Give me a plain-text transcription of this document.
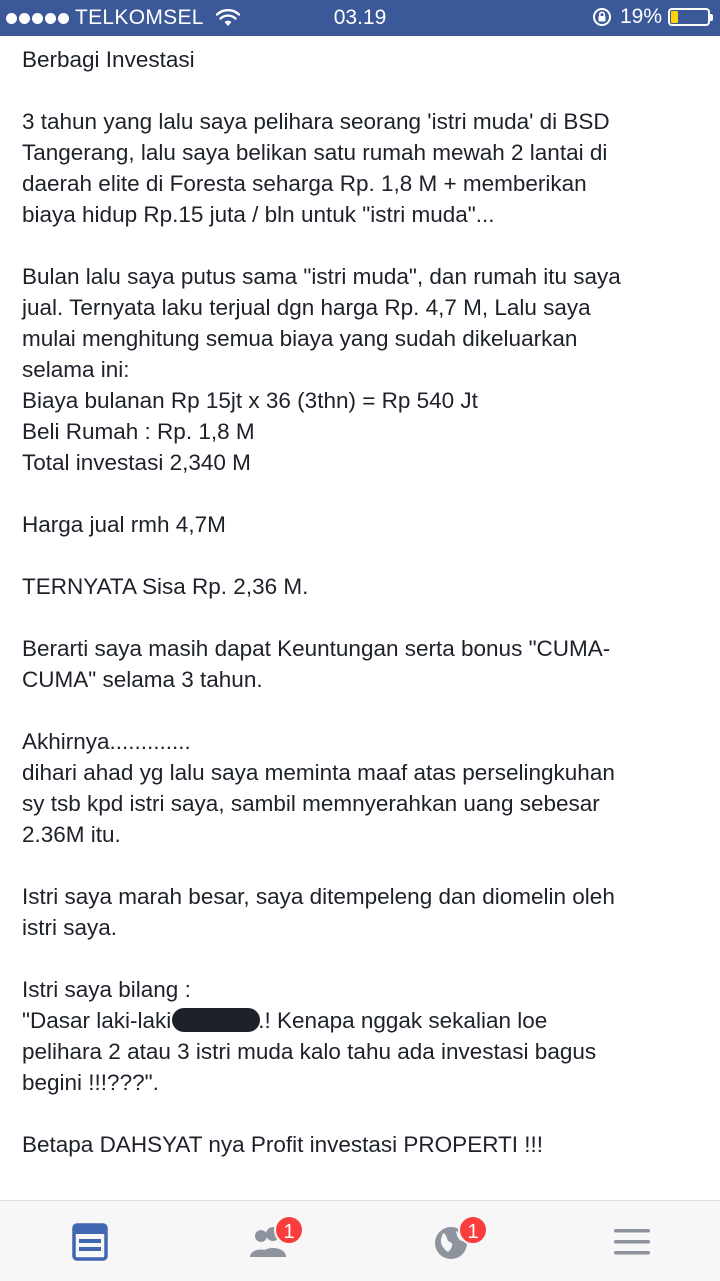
TELKOMSEL	03.19	19%

Berbagi Investasi

3 tahun yang lalu saya pelihara seorang 'istri muda' di BSD

Tangerang, lalu saya belikan satu rumah mewah 2 lantai di

daerah elite di Foresta seharga Rp. 1,8 M + memberikan

biaya hidup Rp.15 juta / bln untuk "istri muda"...

Bulan lalu saya putus sama "istri muda", dan rumah itu saya

jual. Ternyata laku terjual dgn harga Rp. 4,7 M, Lalu saya

mulai menghitung semua biaya yang sudah dikeluarkan

selama ini:

Biaya bulanan Rp 15jt x 36 (3thn) = Rp 540 Jt

Beli Rumah : Rp. 1,8 M

Total investasi 2,340 M

Harga jual rmh 4,7M

TERNYATA Sisa Rp. 2,36 M.

Berarti saya masih dapat Keuntungan serta bonus "CUMA-

CUMA" selama 3 tahun.

Akhirnya.............

dihari ahad yg lalu saya meminta maaf atas perselingkuhan

sy tsb kpd istri saya, sambil memnyerahkan uang sebesar

2.36M itu.

Istri saya marah besar, saya ditempeleng dan diomelin oleh

istri saya.

Istri saya bilang :

"Dasar laki-laki	.! Kenapa nggak sekalian loe

pelihara 2 atau 3 istri muda kalo tahu ada investasi bagus

begini !!!???".

Betapa DAHSYAT nya Profit investasi PROPERTI !!!

1	1
